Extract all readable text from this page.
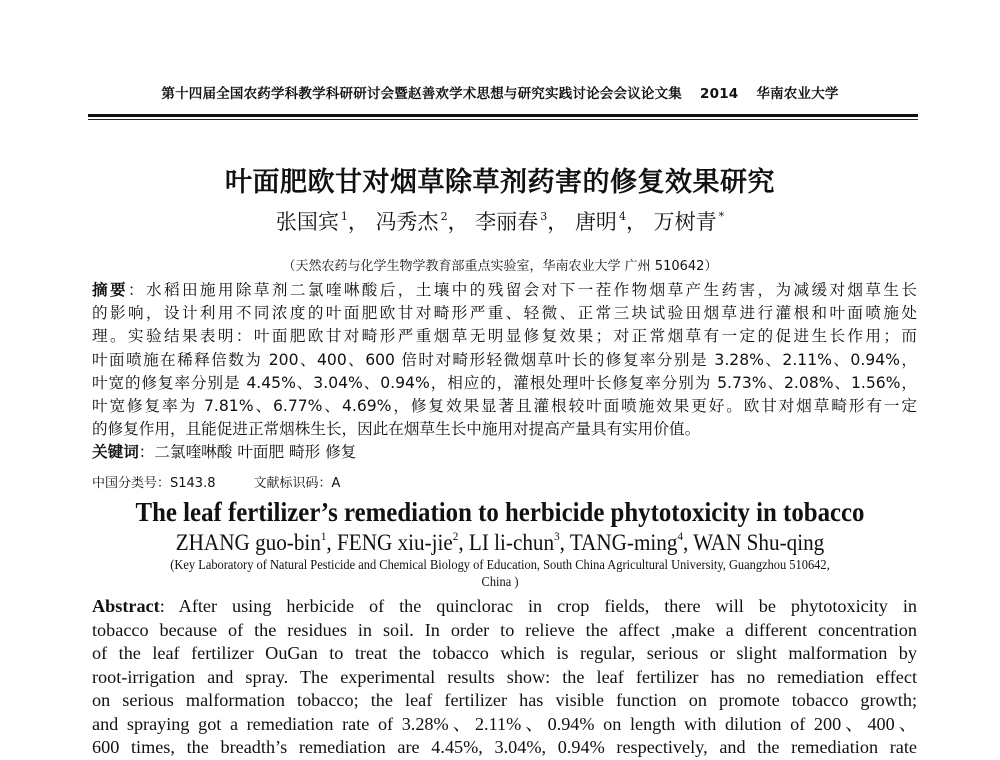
第十四届全国农药学科教学科研研讨会暨赵善欢学术思想与研究实践讨论会会议论文集 2014 华南农业大学
叶面肥欧甘对烟草除草剂药害的修复效果研究
张国宾 $^1$， 冯秀杰 $^2$， 李丽春 $^3$， 唐明 $^4$， 万树青 *
（天然农药与化学生物学教育部重点实验室，华南农业大学 广州 510642）
摘要：水稻田施用除草剂二氯喹啉酸后，土壤中的残留会对下一茬作物烟草产生药害，为减缓对烟草生长
的影响，设计利用不同浓度的叶面肥欧甘对畸形严重、轻微、正常三块试验田烟草进行灌根和叶面喷施处
理。实验结果表明：叶面肥欧甘对畸形严重烟草无明显修复效果；对正常烟草有一定的促进生长作用；而
叶面喷施在稀释倍数为 200、400、600 倍时对畸形轻微烟草叶长的修复率分别是 3.28%、2.11%、0.94%，
叶宽的修复率分别是 4.45%、3.04%、0.94%，相应的，灌根处理叶长修复率分别为 5.73%、2.08%、1.56%，
叶宽修复率为 7.81%、6.77%、4.69%，修复效果显著且灌根较叶面喷施效果更好。欧甘对烟草畸形有一定
的修复作用，且能促进正常烟株生长，因此在烟草生长中施用对提高产量具有实用价值。
关键词：二氯喹啉酸 叶面肥 畸形 修复
中国分类号：S143.8	文献标识码：A
The leaf fertilizer’s remediation to herbicide phytotoxicity in tobacco
ZHANG guo-bin$^1$, FENG xiu-jie$^2$, LI li-chun$^3$, TANG-ming$^4$, WAN Shu-qing
(Key Laboratory of Natural Pesticide and Chemical Biology of Education, South China Agricultural University, Guangzhou 510642,
China )
Abstract: After using herbicide of the quinclorac in crop fields, there will be phytotoxicity in
tobacco because of the residues in soil. In order to relieve the affect ,make a different concentration
of the leaf fertilizer OuGan to treat the tobacco which is regular, serious or slight malformation by
root-irrigation and spray. The experimental results show: the leaf fertilizer has no remediation effect
on serious malformation tobacco; the leaf fertilizer has visible function on promote tobacco growth;
and spraying got a remediation rate of 3.28%、2.11%、0.94% on length with dilution of 200、400、
600 times, the breadth’s remediation are 4.45%, 3.04%, 0.94% respectively, and the remediation rate
